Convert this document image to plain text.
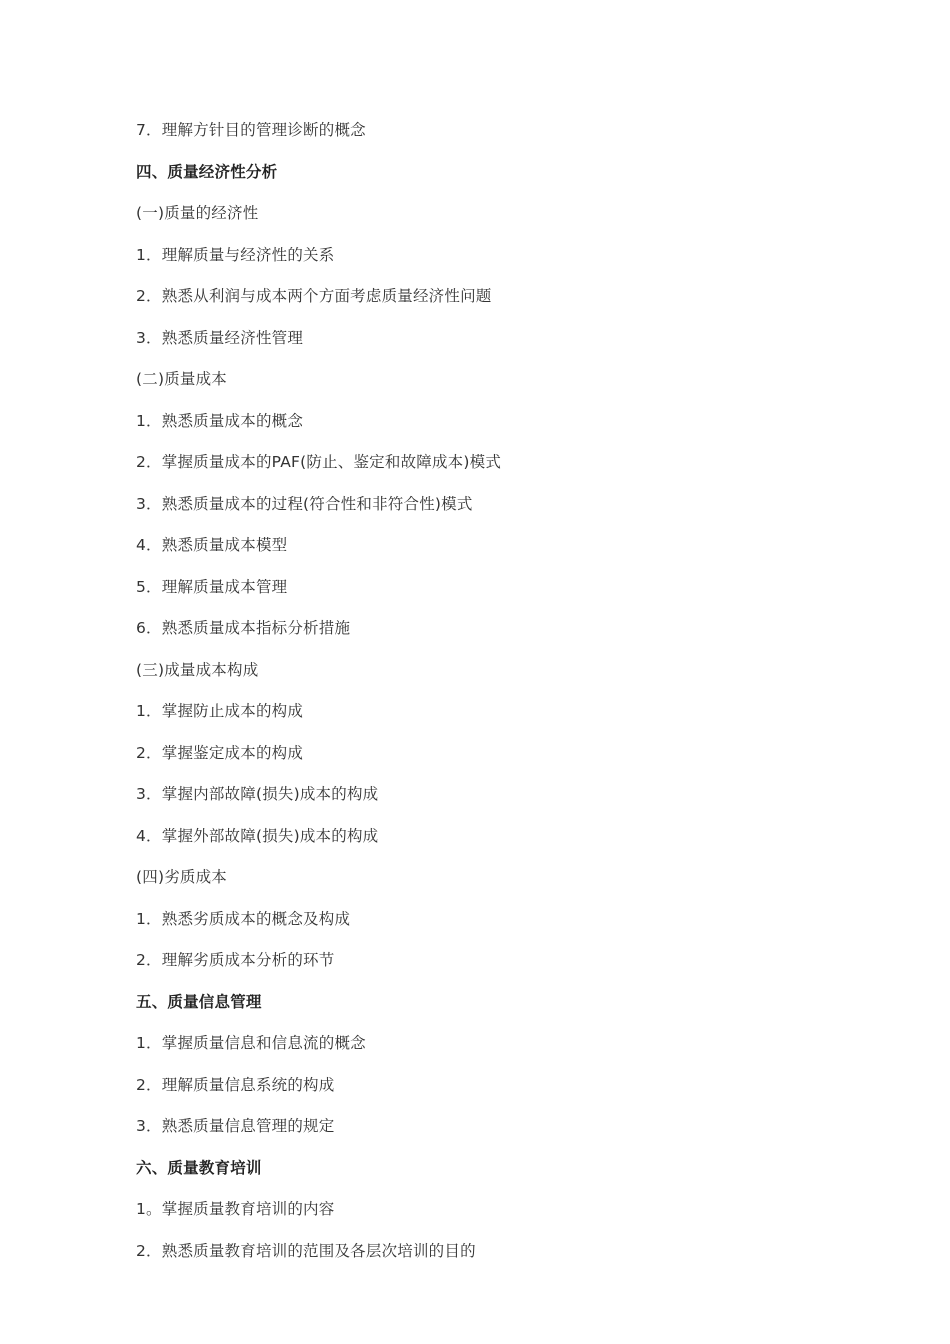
7．理解方针目的管理诊断的概念
四、质量经济性分析
(一)质量的经济性
1．理解质量与经济性的关系
2．熟悉从利润与成本两个方面考虑质量经济性问题
3．熟悉质量经济性管理
(二)质量成本
1．熟悉质量成本的概念
2．掌握质量成本的PAF(防止、鉴定和故障成本)模式
3．熟悉质量成本的过程(符合性和非符合性)模式
4．熟悉质量成本模型
5．理解质量成本管理
6．熟悉质量成本指标分析措施
(三)成量成本构成
1．掌握防止成本的构成
2．掌握鉴定成本的构成
3．掌握内部故障(损失)成本的构成
4．掌握外部故障(损失)成本的构成
(四)劣质成本
1．熟悉劣质成本的概念及构成
2．理解劣质成本分析的环节
五、质量信息管理
1．掌握质量信息和信息流的概念
2．理解质量信息系统的构成
3．熟悉质量信息管理的规定
六、质量教育培训
1。掌握质量教育培训的内容
2．熟悉质量教育培训的范围及各层次培训的目的
